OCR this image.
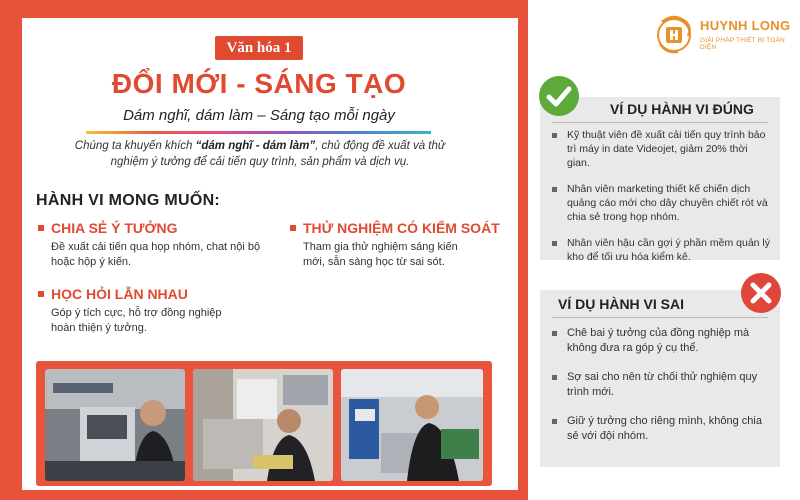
Văn hóa 1
ĐỔI MỚI - SÁNG TẠO
Dám nghĩ, dám làm – Sáng tạo mỗi ngày
Chúng ta khuyến khích “dám nghĩ - dám làm”, chủ động đề xuất và thử nghiệm ý tưởng để cải tiến quy trình, sản phẩm và dịch vụ.
HÀNH VI MONG MUỐN:
CHIA SẺ Ý TƯỞNG
Đề xuất cải tiến qua họp nhóm, chat nội bộ hoặc hộp ý kiến.
THỬ NGHIỆM CÓ KIỂM SOÁT
Tham gia thử nghiệm sáng kiến mới, sẵn sàng học từ sai sót.
HỌC HỎI LẪN NHAU
Góp ý tích cực, hỗ trợ đồng nghiệp hoàn thiện ý tưởng.
HUYNH LONG
GIẢI PHÁP THIẾT BỊ TOÀN DIỆN
VÍ DỤ HÀNH VI ĐÚNG
Kỹ thuật viên đề xuất cải tiến quy trình bảo trì máy in date Videojet, giảm 20% thời gian.
Nhân viên marketing thiết kế chiến dịch quảng cáo mới cho dây chuyền chiết rót và chia sẻ trong họp nhóm.
Nhân viên hậu cần gợi ý phần mềm quản lý kho để tối ưu hóa kiểm kê.
VÍ DỤ HÀNH VI SAI
Chê bai ý tưởng của đồng nghiệp mà không đưa ra góp ý cụ thể.
Sợ sai cho nên từ chối thử nghiệm quy trình mới.
Giữ ý tưởng cho riêng mình, không chia sẻ với đội nhóm.
